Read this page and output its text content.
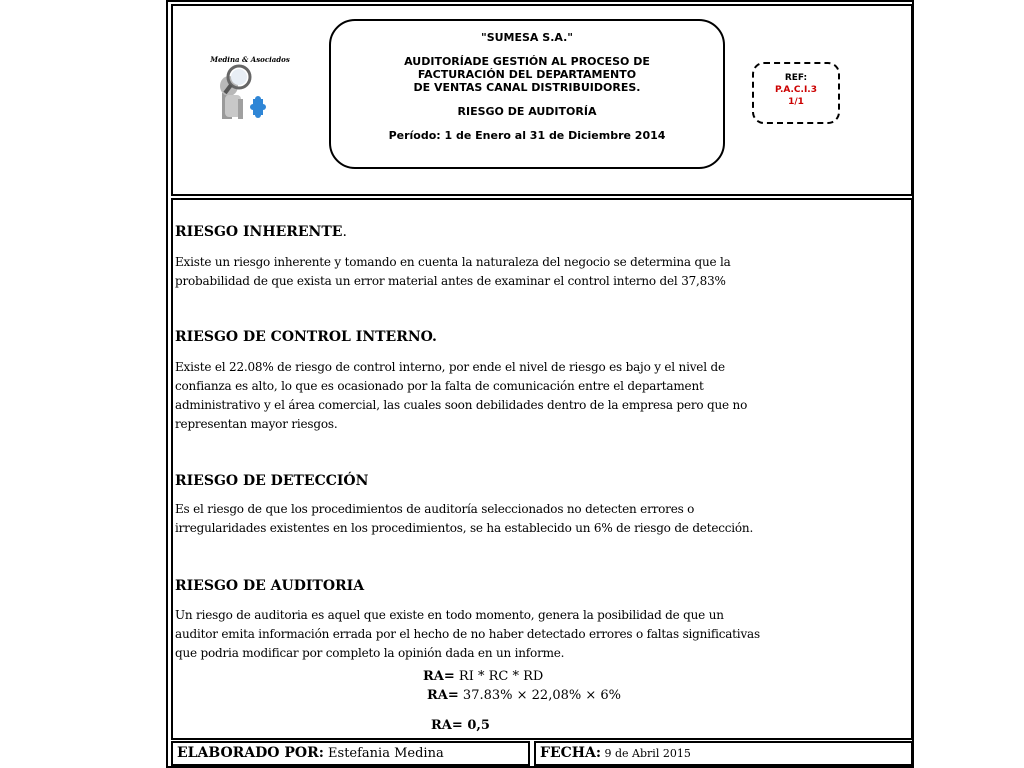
Medina & Asociados
"SUMESA S.A."
AUDITORÍADE GESTIÓN AL PROCESO DE
FACTURACIÓN DEL DEPARTAMENTO
DE VENTAS CANAL DISTRIBUIDORES.
RIESGO DE AUDITORÍA
Período: 1 de Enero al 31 de Diciembre 2014
REF:
P.A.C.I.3
1/1
RIESGO INHERENTE.
Existe un riesgo inherente y tomando en cuenta la naturaleza del negocio se determina que la
probabilidad de que exista un error material antes de examinar el control interno del 37,83%
RIESGO DE CONTROL INTERNO.
Existe el 22.08% de riesgo de control interno, por ende el nivel de riesgo es bajo y el nivel de
confianza es alto, lo que es ocasionado por la falta de comunicación entre el departament
administrativo y el área comercial, las cuales soon debilidades dentro de la empresa pero que no
representan mayor riesgos.
RIESGO DE DETECCIÓN
Es el riesgo de que los procedimientos de auditoría seleccionados no detecten errores o
irregularidades existentes en los procedimientos, se ha establecido un 6% de riesgo de detección.
RIESGO DE AUDITORIA
Un riesgo de auditoria es aquel que existe en todo momento, genera la posibilidad de que un
auditor emita información errada por el hecho de no haber detectado errores o faltas significativas
que podria modificar por completo la opinión dada en un informe.
RA= RI * RC * RD
RA= 37.83% × 22,08% × 6%
RA= 0,5
ELABORADO POR: Estefania Medina	FECHA: 9 de Abril 2015
